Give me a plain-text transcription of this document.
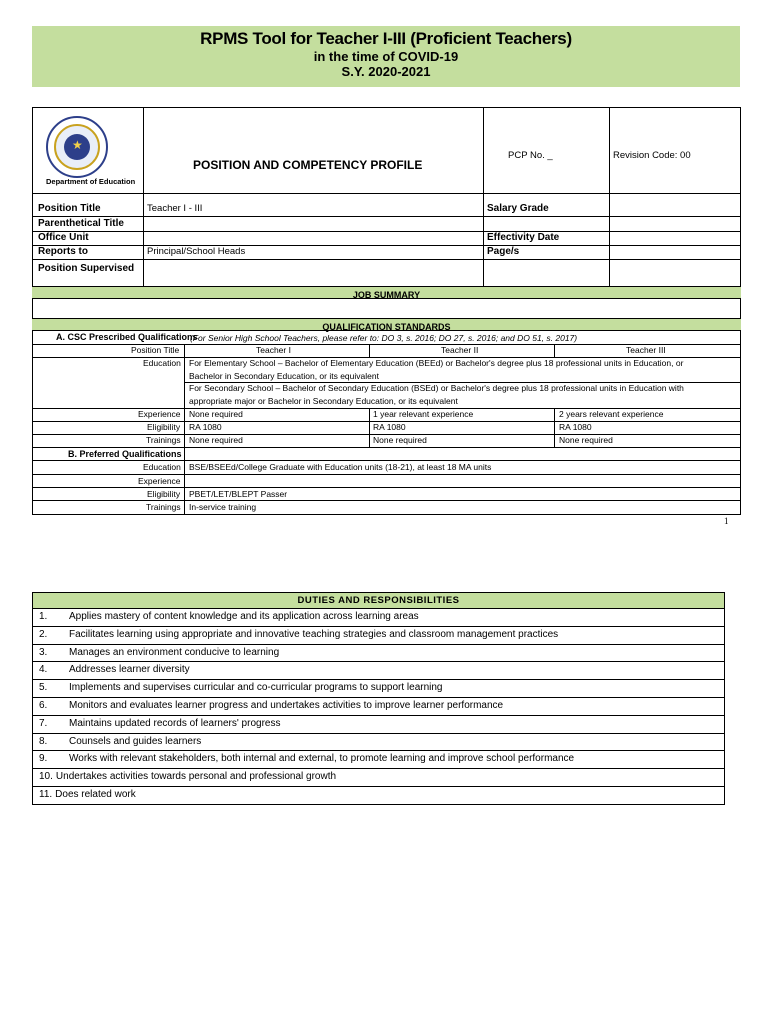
RPMS Tool for Teacher I-III (Proficient Teachers)
in the time of COVID-19
S.Y. 2020-2021
★
Department of Education
POSITION AND COMPETENCY PROFILE
PCP No. _	Revision Code: 00
Position Title	Teacher I - III	Salary Grade
Parenthetical Title
Office Unit	Effectivity Date
Reports to	Principal/School Heads	Page/s
Position Supervised
JOB SUMMARY
QUALIFICATION STANDARDS
A. CSC Prescribed Qualifications
(For Senior High School Teachers, please refer to: DO 3, s. 2016; DO 27, s. 2016; and DO 51, s. 2017)
Position Title	Teacher I	Teacher II	Teacher III
Education For Elementary School – Bachelor of Elementary Education (BEEd) or Bachelor's degree plus 18 professional units in Education, or
Bachelor in Secondary Education, or its equivalent
For Secondary School – Bachelor of Secondary Education (BSEd) or Bachelor's degree plus 18 professional units in Education with
appropriate major or Bachelor in Secondary Education, or its equivalent
Experience None required	1 year relevant experience	2 years relevant experience
Eligibility RA 1080	RA 1080	RA 1080
Trainings None required	None required	None required
B. Preferred Qualifications
Education BSE/BSEEd/College Graduate with Education units (18-21), at least 18 MA units
Experience
Eligibility PBET/LET/BLEPT Passer
Trainings In-service training
1
DUTIES AND RESPONSIBILITIES
1. Applies mastery of content knowledge and its application across learning areas
2. Facilitates learning using appropriate and innovative teaching strategies and classroom management practices
3. Manages an environment conducive to learning
4. Addresses learner diversity
5. Implements and supervises curricular and co-curricular programs to support learning
6. Monitors and evaluates learner progress and undertakes activities to improve learner performance
7. Maintains updated records of learners' progress
8. Counsels and guides learners
9. Works with relevant stakeholders, both internal and external, to promote learning and improve school performance
10. Undertakes activities towards personal and professional growth
11. Does related work
